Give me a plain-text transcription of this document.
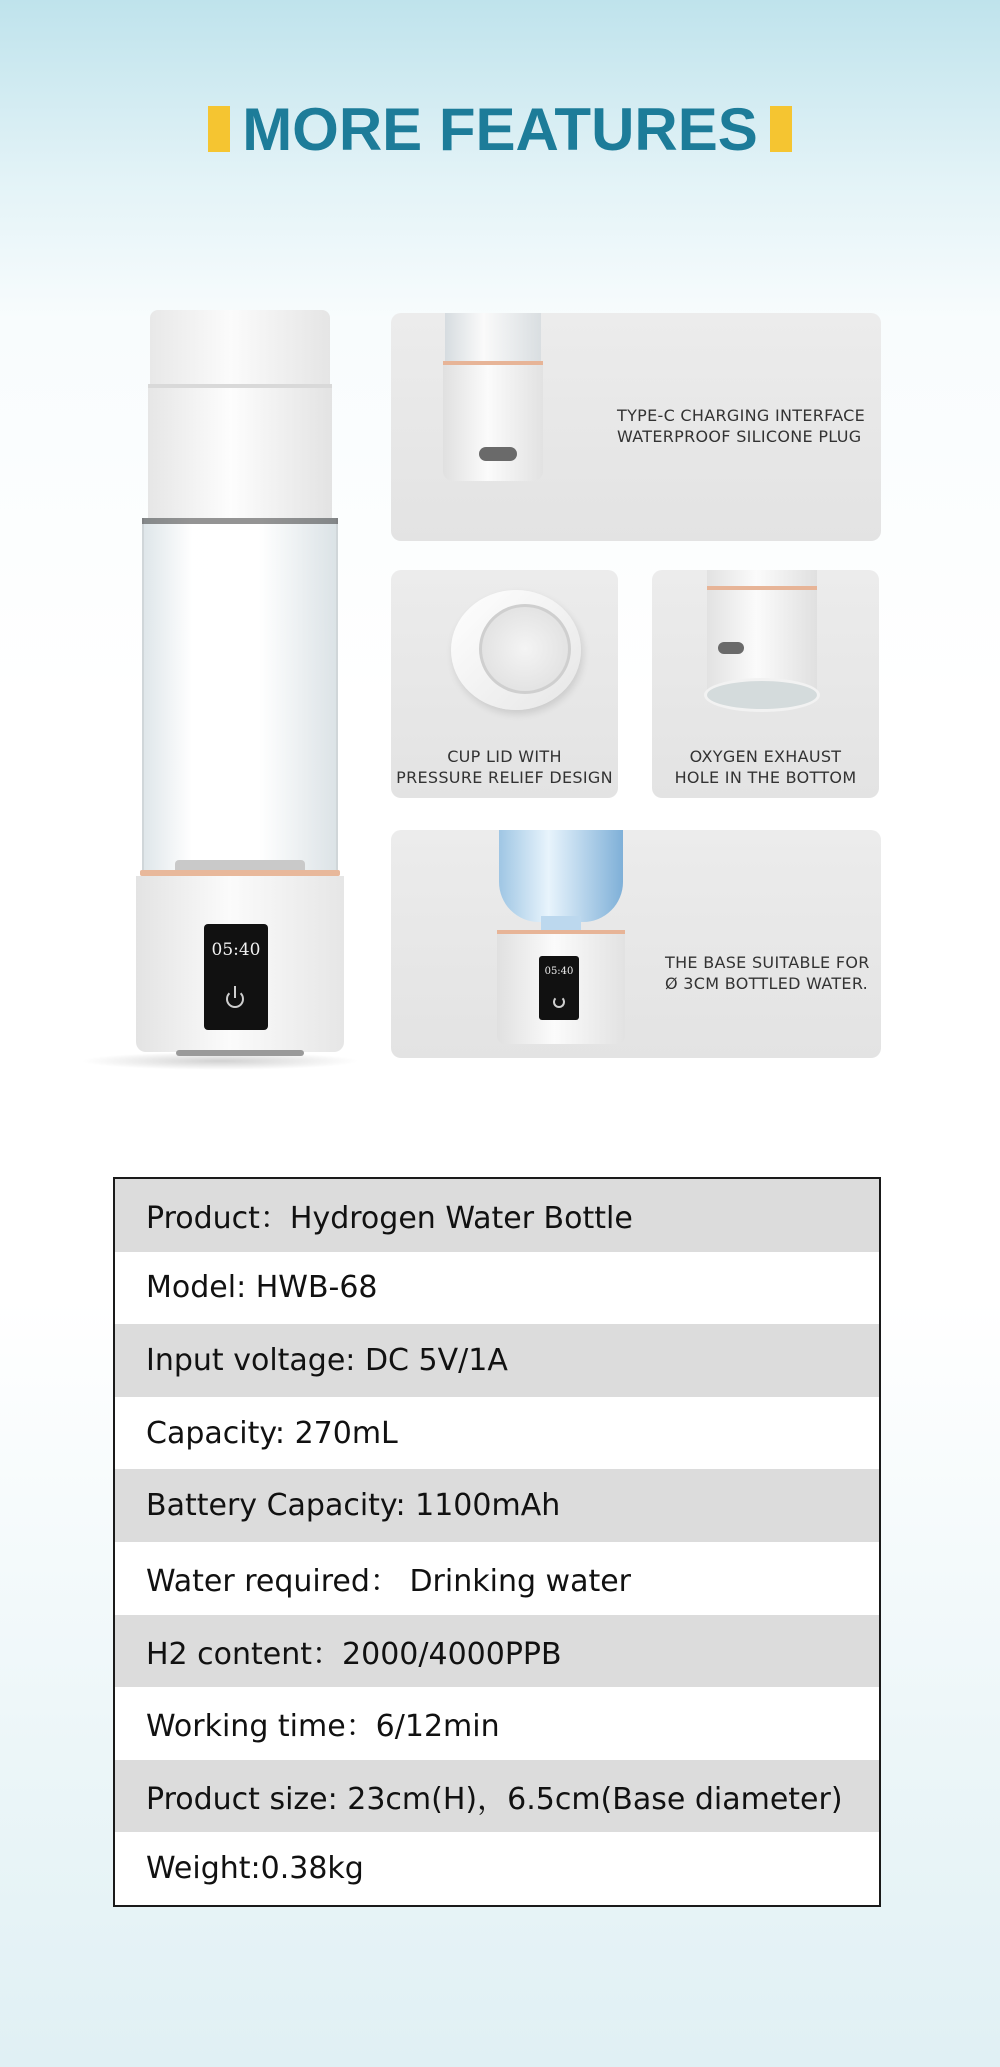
MORE FEATURES
05:40
TYPE-C CHARGING INTERFACE
WATERPROOF SILICONE PLUG
CUP LID WITH
PRESSURE RELIEF DESIGN
OXYGEN EXHAUST
HOLE IN THE BOTTOM
05:40	THE BASE SUITABLE FOR
Ø 3CM BOTTLED WATER.
Product：Hydrogen Water Bottle
Model: HWB-68
Input voltage: DC 5V/1A
Capacity: 270mL
Battery Capacity: 1100mAh
Water required： Drinking water
H2 content：2000/4000PPB
Working time：6/12min
Product size: 23cm(H)，6.5cm(Base diameter)
Weight:0.38kg
